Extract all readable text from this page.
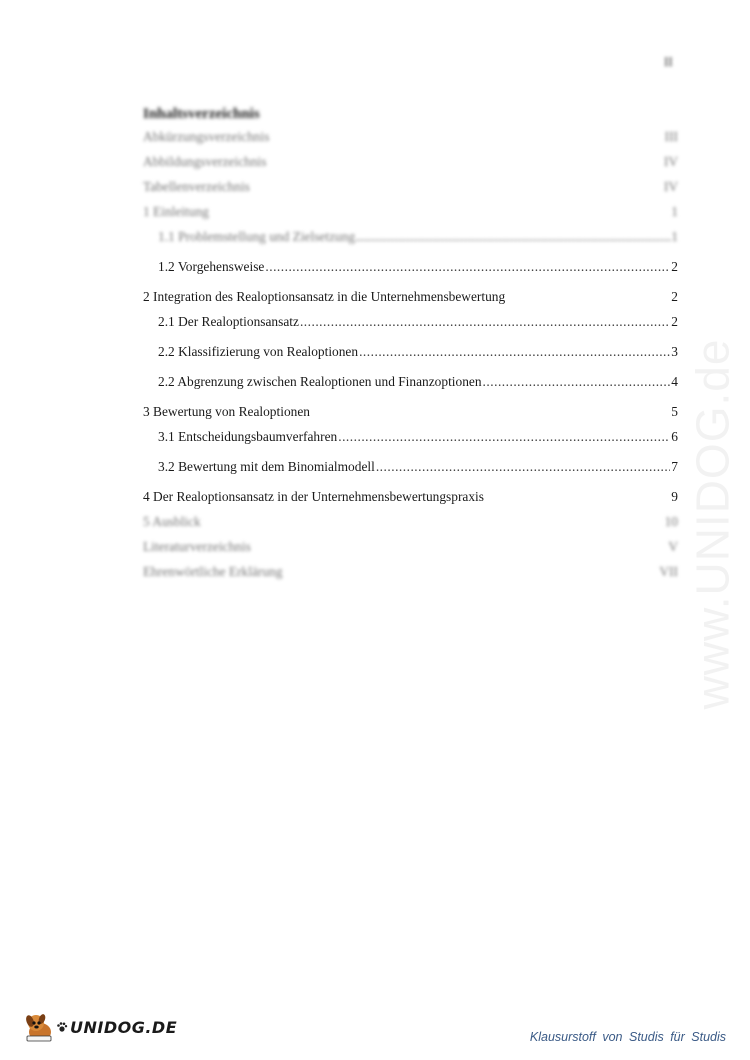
II
Inhaltsverzeichnis
Abkürzungsverzeichnis	III
Abbildungsverzeichnis	IV
Tabellenverzeichnis	IV
1 Einleitung	1
1.1 Problemstellung und Zielsetzung .....	1
1.2 Vorgehensweise .....	2
2 Integration des Realoptionsansatz in die Unternehmensbewertung	2
2.1 Der Realoptionsansatz .....	2
2.2 Klassifizierung von Realoptionen .....	3
2.2 Abgrenzung zwischen Realoptionen und Finanzoptionen .....	4
3 Bewertung von Realoptionen	5
3.1 Entscheidungsbaumverfahren .....	6
3.2 Bewertung mit dem Binomialmodell .....	7
4 Der Realoptionsansatz in der Unternehmensbewertungspraxis	9
5 Ausblick	10
Literaturverzeichnis	V
Ehrenwörtliche Erklärung	VII www.UNIDOG.de
UNIDOG.DE
Klausurstoff von Studis für Studis
